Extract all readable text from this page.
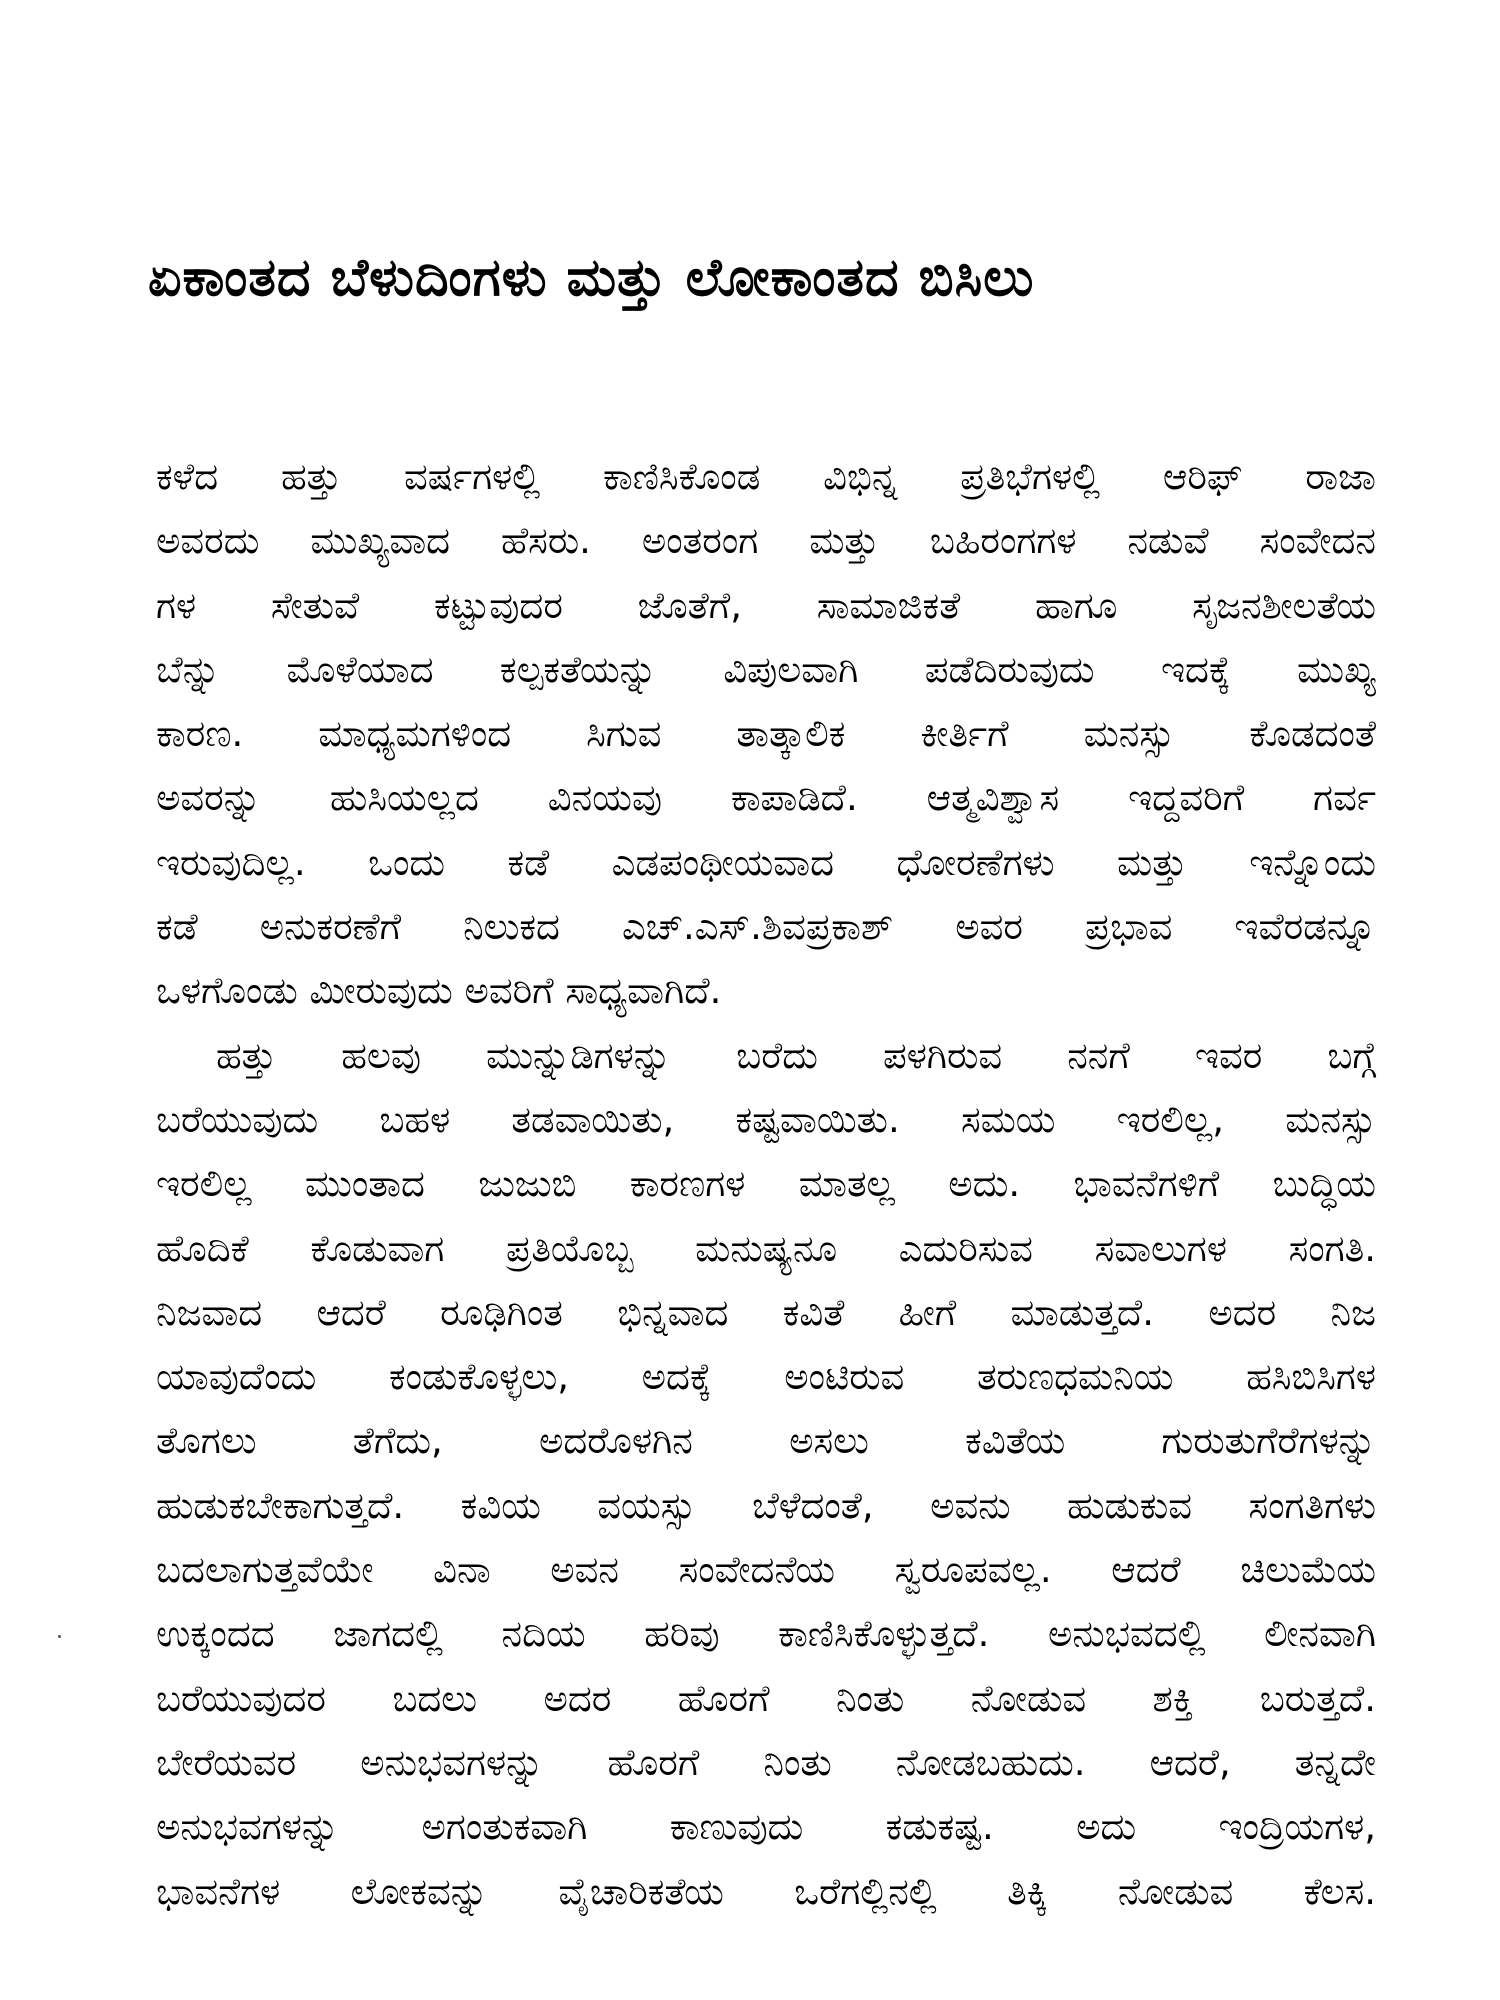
ಏಕಾಂತದ ಬೆಳುದಿಂಗಳು ಮತ್ತು ಲೋಕಾಂತದ ಬಿಸಿಲು
ಕಳೆದ ಹತ್ತು ವರ್ಷಗಳಲ್ಲಿ ಕಾಣಿಸಿಕೊಂಡ ವಿಭಿನ್ನ ಪ್ರತಿಭೆಗಳಲ್ಲಿ ಆರಿಫ್ ರಾಜಾ
ಅವರದು ಮುಖ್ಯವಾದ ಹೆಸರು. ಅಂತರಂಗ ಮತ್ತು ಬಹಿರಂಗಗಳ ನಡುವೆ ಸಂವೇದನ
ಗಳ ಸೇತುವೆ ಕಟ್ಟುವುದರ ಜೊತೆಗೆ, ಸಾಮಾಜಿಕತೆ ಹಾಗೂ ಸೃಜನಶೀಲತೆಯ
ಬೆನ್ನು ಮೊಳೆಯಾದ ಕಲ್ಪಕತೆಯನ್ನು ವಿಪುಲವಾಗಿ ಪಡೆದಿರುವುದು ಇದಕ್ಕೆ ಮುಖ್ಯ
ಕಾರಣ. ಮಾಧ್ಯಮಗಳಿಂದ ಸಿಗುವ ತಾತ್ಕಾಲಿಕ ಕೀರ್ತಿಗೆ ಮನಸ್ಸು ಕೊಡದಂತೆ
ಅವರನ್ನು ಹುಸಿಯಲ್ಲದ ವಿನಯವು ಕಾಪಾಡಿದೆ. ಆತ್ಮವಿಶ್ವಾಸ ಇದ್ದವರಿಗೆ ಗರ್ವ
ಇರುವುದಿಲ್ಲ. ಒಂದು ಕಡೆ ಎಡಪಂಥೀಯವಾದ ಧೋರಣೆಗಳು ಮತ್ತು ಇನ್ನೊಂದು
ಕಡೆ ಅನುಕರಣೆಗೆ ನಿಲುಕದ ಎಚ್.ಎಸ್.ಶಿವಪ್ರಕಾಶ್ ಅವರ ಪ್ರಭಾವ ಇವೆರಡನ್ನೂ
ಒಳಗೊಂಡು ಮೀರುವುದು ಅವರಿಗೆ ಸಾಧ್ಯವಾಗಿದೆ.
ಹತ್ತು ಹಲವು ಮುನ್ನುಡಿಗಳನ್ನು ಬರೆದು ಪಳಗಿರುವ ನನಗೆ ಇವರ ಬಗ್ಗೆ
ಬರೆಯುವುದು ಬಹಳ ತಡವಾಯಿತು, ಕಷ್ಟವಾಯಿತು. ಸಮಯ ಇರಲಿಲ್ಲ, ಮನಸ್ಸು
ಇರಲಿಲ್ಲ ಮುಂತಾದ ಜುಜುಬಿ ಕಾರಣಗಳ ಮಾತಲ್ಲ ಅದು. ಭಾವನೆಗಳಿಗೆ ಬುದ್ಧಿಯ
ಹೊದಿಕೆ ಕೊಡುವಾಗ ಪ್ರತಿಯೊಬ್ಬ ಮನುಷ್ಯನೂ ಎದುರಿಸುವ ಸವಾಲುಗಳ ಸಂಗತಿ.
ನಿಜವಾದ ಆದರೆ ರೂಢಿಗಿಂತ ಭಿನ್ನವಾದ ಕವಿತೆ ಹೀಗೆ ಮಾಡುತ್ತದೆ. ಅದರ ನಿಜ
ಯಾವುದೆಂದು ಕಂಡುಕೊಳ್ಳಲು, ಅದಕ್ಕೆ ಅಂಟಿರುವ ತರುಣಧಮನಿಯ ಹಸಿಬಿಸಿಗಳ
ತೊಗಲು ತೆಗೆದು, ಅದರೊಳಗಿನ ಅಸಲು ಕವಿತೆಯ ಗುರುತುಗೆರೆಗಳನ್ನು
ಹುಡುಕಬೇಕಾಗುತ್ತದೆ. ಕವಿಯ ವಯಸ್ಸು ಬೆಳೆದಂತೆ, ಅವನು ಹುಡುಕುವ ಸಂಗತಿಗಳು
ಬದಲಾಗುತ್ತವೆಯೇ ವಿನಾ ಅವನ ಸಂವೇದನೆಯ ಸ್ವರೂಪವಲ್ಲ. ಆದರೆ ಚಿಲುಮೆಯ
ಉಕ್ಕಂದದ ಜಾಗದಲ್ಲಿ ನದಿಯ ಹರಿವು ಕಾಣಿಸಿಕೊಳ್ಳುತ್ತದೆ. ಅನುಭವದಲ್ಲಿ ಲೀನವಾಗಿ
ಬರೆಯುವುದರ ಬದಲು ಅದರ ಹೊರಗೆ ನಿಂತು ನೋಡುವ ಶಕ್ತಿ ಬರುತ್ತದೆ.
ಬೇರೆಯವರ ಅನುಭವಗಳನ್ನು ಹೊರಗೆ ನಿಂತು ನೋಡಬಹುದು. ಆದರೆ, ತನ್ನದೇ
ಅನುಭವಗಳನ್ನು ಅಗಂತುಕವಾಗಿ ಕಾಣುವುದು ಕಡುಕಷ್ಟ. ಅದು ಇಂದ್ರಿಯಗಳ,
ಭಾವನೆಗಳ ಲೋಕವನ್ನು ವೈಚಾರಿಕತೆಯ ಒರೆಗಲ್ಲಿನಲ್ಲಿ ತಿಕ್ಕಿ ನೋಡುವ ಕೆಲಸ.
